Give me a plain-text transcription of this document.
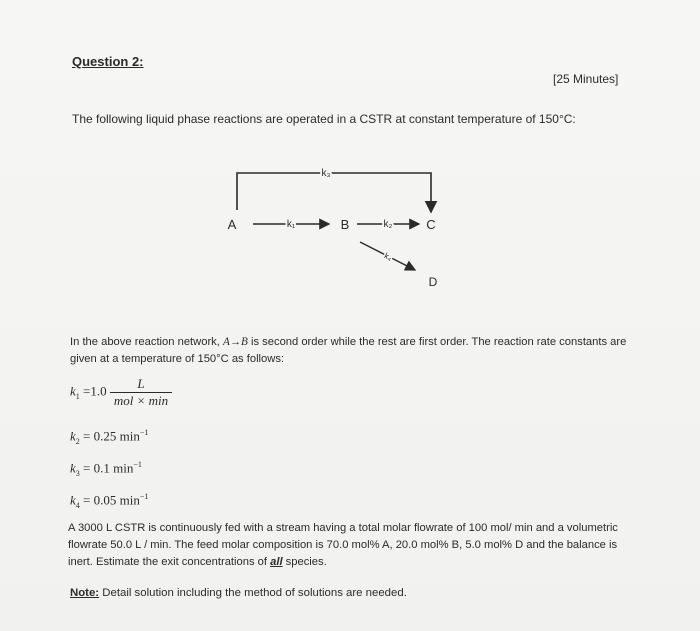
Question 2:
[25 Minutes]
The following liquid phase reactions are operated in a CSTR at constant temperature of 150°C:
k₃
A	B	C
D
k₁	k₂
k₄
In the above reaction network, A→B is second order while the rest are first order. The reaction rate constants are given at a temperature of 150°C as follows:
$k_1 =1.0 \frac{L}{\text{mol × min}}$
$k_2 = 0.25$ $\min^{-1}$
$k_3 = 0.1$ $\min^{-1}$
$k_4 = 0.05$ $\min^{-1}$
A 3000 L CSTR is continuously fed with a stream having a total molar flowrate of 100 mol/ min and a volumetric flowrate 50.0 L / min. The feed molar composition is 70.0 mol% A, 20.0 mol% B, 5.0 mol% D and the balance is inert. Estimate the exit concentrations of all species.
Note: Detail solution including the method of solutions are needed.
